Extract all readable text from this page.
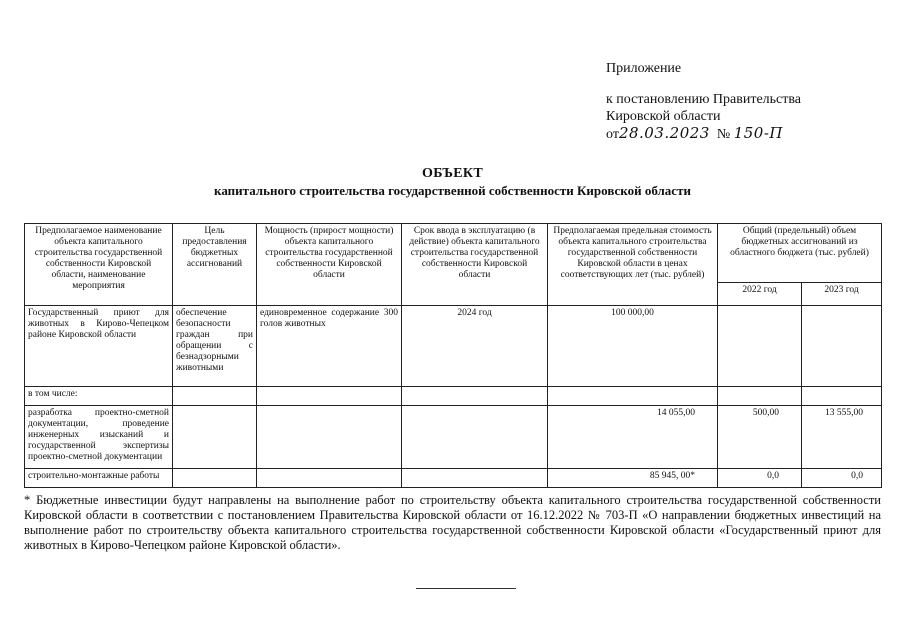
Приложение
к постановлению Правительства
Кировской области
от28.03.2023 № 150-П
ОБЪЕКТ
капитального строительства государственной собственности Кировской области
Предполагаемое наименование объекта капитального строительства государственной собственности Кировской области, наименование мероприятия	Цель предоставления бюджетных ассигнований	Мощность (прирост мощности) объекта капитального строительства государственной собственности Кировской области	Срок ввода в эксплуатацию (в действие) объекта капитального строительства государственной собственности Кировской области	Предполагаемая предельная стоимость объекта капитального строительства государственной собственности Кировской области в ценах соответствующих лет (тыс. рублей)	Общий (предельный) объем бюджетных ассигнований из областного бюджета (тыс. рублей)	
					2022 год	2023 год
Государственный приют для животных в Кирово-Чепецком районе Кировской области	обеспечение безопасности граждан при обращении с безнадзорными животными	единовременное содержание 300 голов животных	2024 год	100 000,00		
в том числе:						
разработка проектно-сметной документации, проведение инженерных изысканий и государственной экспертизы проектно-сметной документации				14 055,00	500,00	13 555,00
строительно-монтажные работы				85 945, 00*	0,0	0,0
* Бюджетные инвестиции будут направлены на выполнение работ по строительству объекта капитального строительства государственной собственности Кировской области в соответствии с постановлением Правительства Кировской области от 16.12.2022 № 703-П «О направлении бюджетных инвестиций на выполнение работ по строительству объекта капитального строительства государственной собственности Кировской области «Государственный приют для животных в Кирово-Чепецком районе Кировской области».
